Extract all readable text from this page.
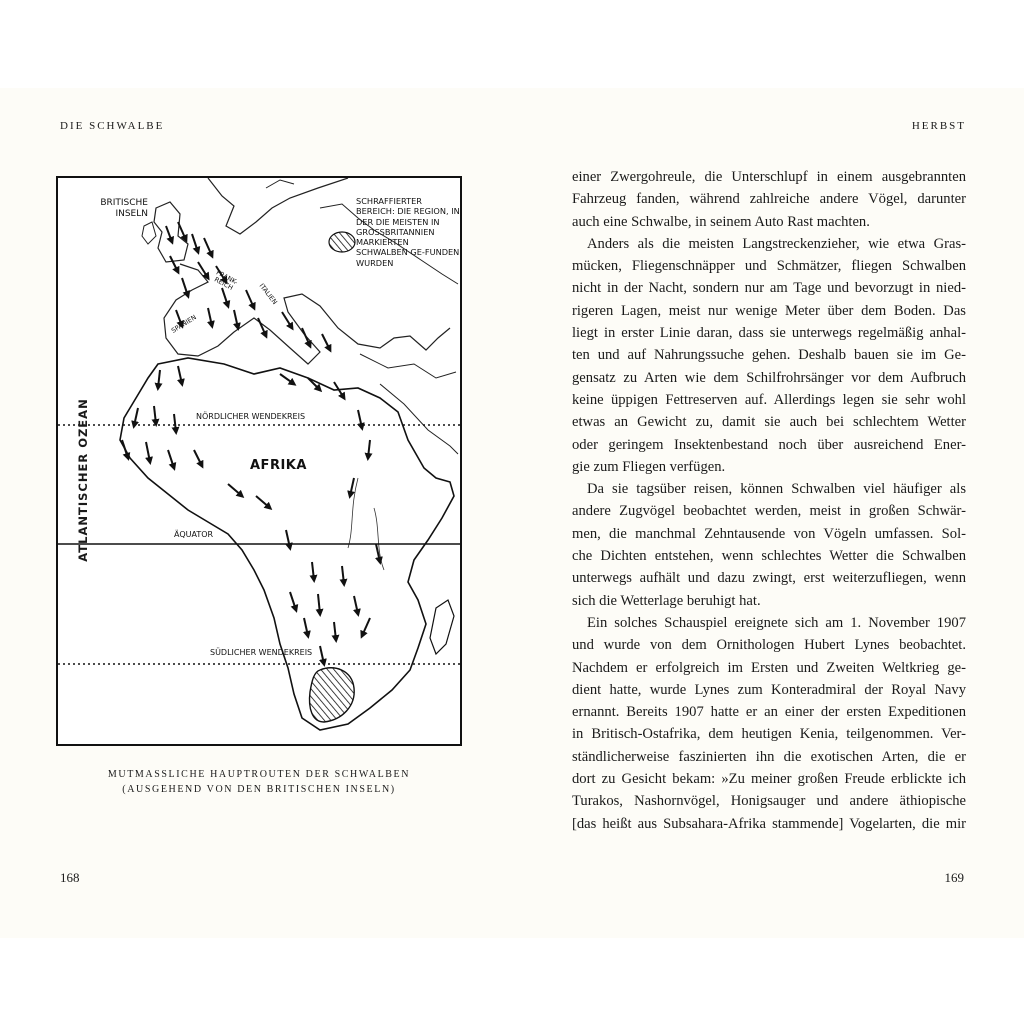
DIE SCHWALBE	HERBST
BRITISCHE INSELN
SCHRAFFIERTER BEREICH: DIE REGION, IN DER DIE MEISTEN IN GROSSBRITANNIEN MARKIERTEN SCHWALBEN GE-FUNDEN WURDEN
FRANK-REICH	ITALIEN
SPANIEN
NÖRDLICHER WENDEKREIS
AFRIKA
ÄQUATOR
SÜDLICHER WENDEKREIS
ATLANTISCHER OZEAN
MUTMASSLICHE HAUPTROUTEN DER SCHWALBEN
(AUSGEHEND VON DEN BRITISCHEN INSELN)
168	169
einer Zwergohreule, die Unterschlupf in einem ausgebrannten
Fahrzeug fanden, während zahlreiche andere Vögel, darunter
auch eine Schwalbe, in seinem Auto Rast machten.
Anders als die meisten Langstreckenzieher, wie etwa Gras-
mücken, Fliegenschnäpper und Schmätzer, fliegen Schwalben
nicht in der Nacht, sondern nur am Tage und bevorzugt in nied-
rigeren Lagen, meist nur wenige Meter über dem Boden. Das
liegt in erster Linie daran, dass sie unterwegs regelmäßig anhal-
ten und auf Nahrungssuche gehen. Deshalb bauen sie im Ge-
gensatz zu Arten wie dem Schilfrohrsänger vor dem Aufbruch
keine üppigen Fettreserven auf. Allerdings legen sie sehr wohl
etwas an Gewicht zu, damit sie auch bei schlechtem Wetter
oder geringem Insektenbestand noch über ausreichend Ener-
gie zum Fliegen verfügen.
Da sie tagsüber reisen, können Schwalben viel häufiger als
andere Zugvögel beobachtet werden, meist in großen Schwär-
men, die manchmal Zehntausende von Vögeln umfassen. Sol-
che Dichten entstehen, wenn schlechtes Wetter die Schwalben
unterwegs aufhält und dazu zwingt, erst weiterzufliegen, wenn
sich die Wetterlage beruhigt hat.
Ein solches Schauspiel ereignete sich am 1. November 1907
und wurde von dem Ornithologen Hubert Lynes beobachtet.
Nachdem er erfolgreich im Ersten und Zweiten Weltkrieg ge-
dient hatte, wurde Lynes zum Konteradmiral der Royal Navy
ernannt. Bereits 1907 hatte er an einer der ersten Expeditionen
in Britisch-Ostafrika, dem heutigen Kenia, teilgenommen. Ver-
ständlicherweise faszinierten ihn die exotischen Arten, die er
dort zu Gesicht bekam: »Zu meiner großen Freude erblickte ich
Turakos, Nashornvögel, Honigsauger und andere äthiopische
[das heißt aus Subsahara-Afrika stammende] Vogelarten, die mir
